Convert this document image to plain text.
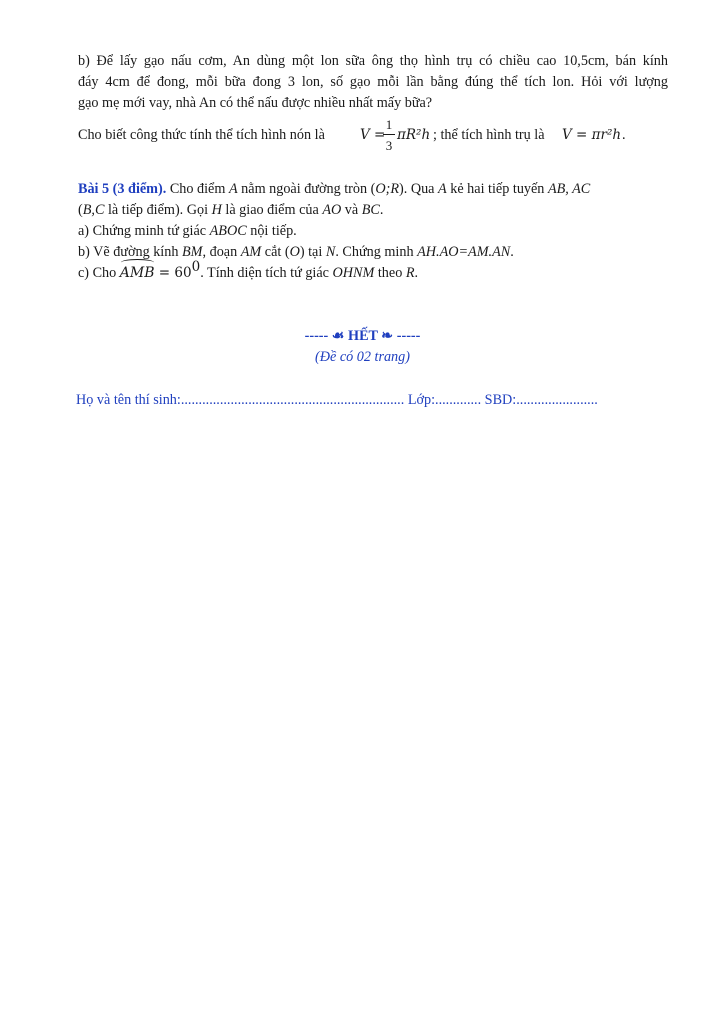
b) Để lấy gạo nấu cơm, An dùng một lon sữa ông thọ hình trụ có chiều cao 10,5cm, bán kính
đáy 4cm để đong, mỗi bữa đong 3 lon, số gạo mỗi lần bằng đúng thể tích lon. Hỏi với lượng
gạo mẹ mới vay, nhà An có thể nấu được nhiều nhất mấy bữa?
Cho biết công thức tính thể tích hình nón là	V =
$\frac{1}{3} \pi R^2h$ ; thể tích hình trụ là V = πr²h .
Bài 5 (3 điểm). Cho điểm A nằm ngoài đường tròn (O;R). Qua A kẻ hai tiếp tuyến AB, AC
(B,C là tiếp điểm). Gọi H là giao điểm của AO và BC.
a) Chứng minh tứ giác ABOC nội tiếp.
b) Vẽ đường kính BM, đoạn AM cắt (O) tại N. Chứng minh AH.AO=AM.AN.
c) Cho AMB = $60^0$. Tính diện tích tứ giác OHNM theo R.
----- ☙ HẾT ❧ -----
(Đề có 02 trang)
Họ và tên thí sinh:............................................................... Lớp:............. SBD:.......................
